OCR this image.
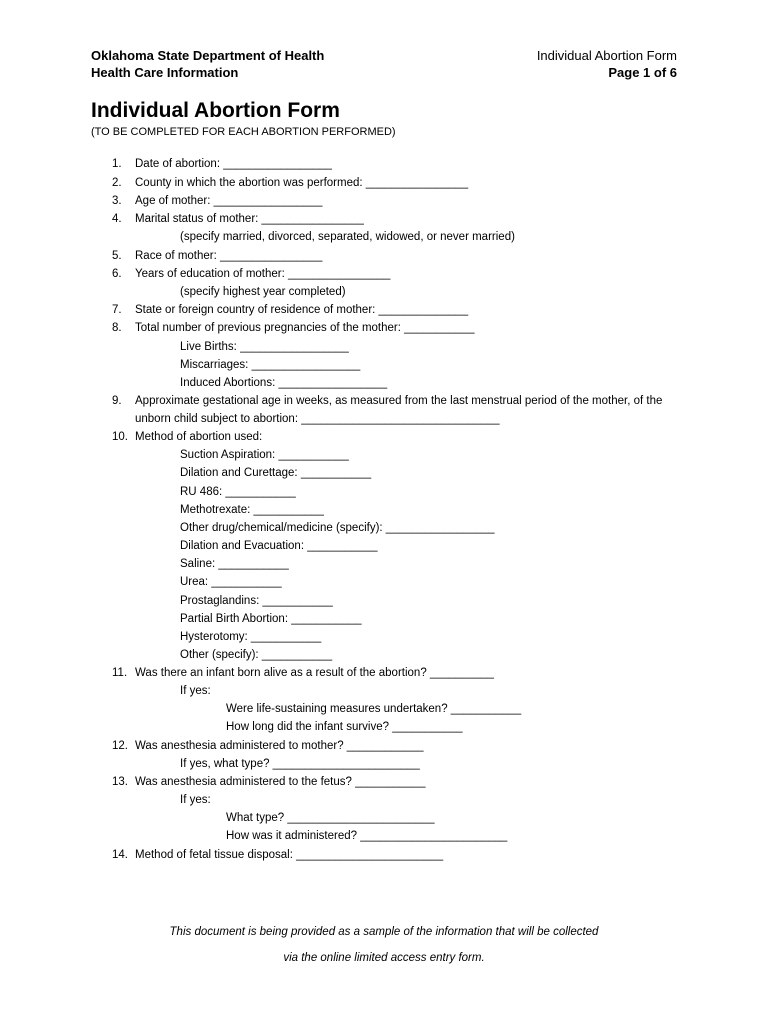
Oklahoma State Department of Health
Health Care Information
Individual Abortion Form
Page 1 of 6
Individual Abortion Form
(TO BE COMPLETED FOR EACH ABORTION PERFORMED)
1. Date of abortion: _________________
2. County in which the abortion was performed: ________________
3. Age of mother: _________________
4. Marital status of mother: ________________
(specify married, divorced, separated, widowed, or never married)
5. Race of mother: ________________
6. Years of education of mother: ________________
(specify highest year completed)
7. State or foreign country of residence of mother: ______________
8. Total number of previous pregnancies of the mother: ___________
Live Births: _________________
Miscarriages: _________________
Induced Abortions: _________________
9. Approximate gestational age in weeks, as measured from the last menstrual period of the mother, of the
unborn child subject to abortion: _______________________________
10. Method of abortion used:
Suction Aspiration: ___________
Dilation and Curettage: ___________
RU 486: ___________
Methotrexate: ___________
Other drug/chemical/medicine (specify): _________________
Dilation and Evacuation: ___________
Saline: ___________
Urea: ___________
Prostaglandins: ___________
Partial Birth Abortion: ___________
Hysterotomy: ___________
Other (specify): ___________
11. Was there an infant born alive as a result of the abortion? __________
If yes:
Were life-sustaining measures undertaken? ___________
How long did the infant survive? ___________
12. Was anesthesia administered to mother? ____________
If yes, what type? _______________________
13. Was anesthesia administered to the fetus? ___________
If yes:
What type? _______________________
How was it administered? _______________________
14. Method of fetal tissue disposal: _______________________
This document is being provided as a sample of the information that will be collected
via the online limited access entry form.
